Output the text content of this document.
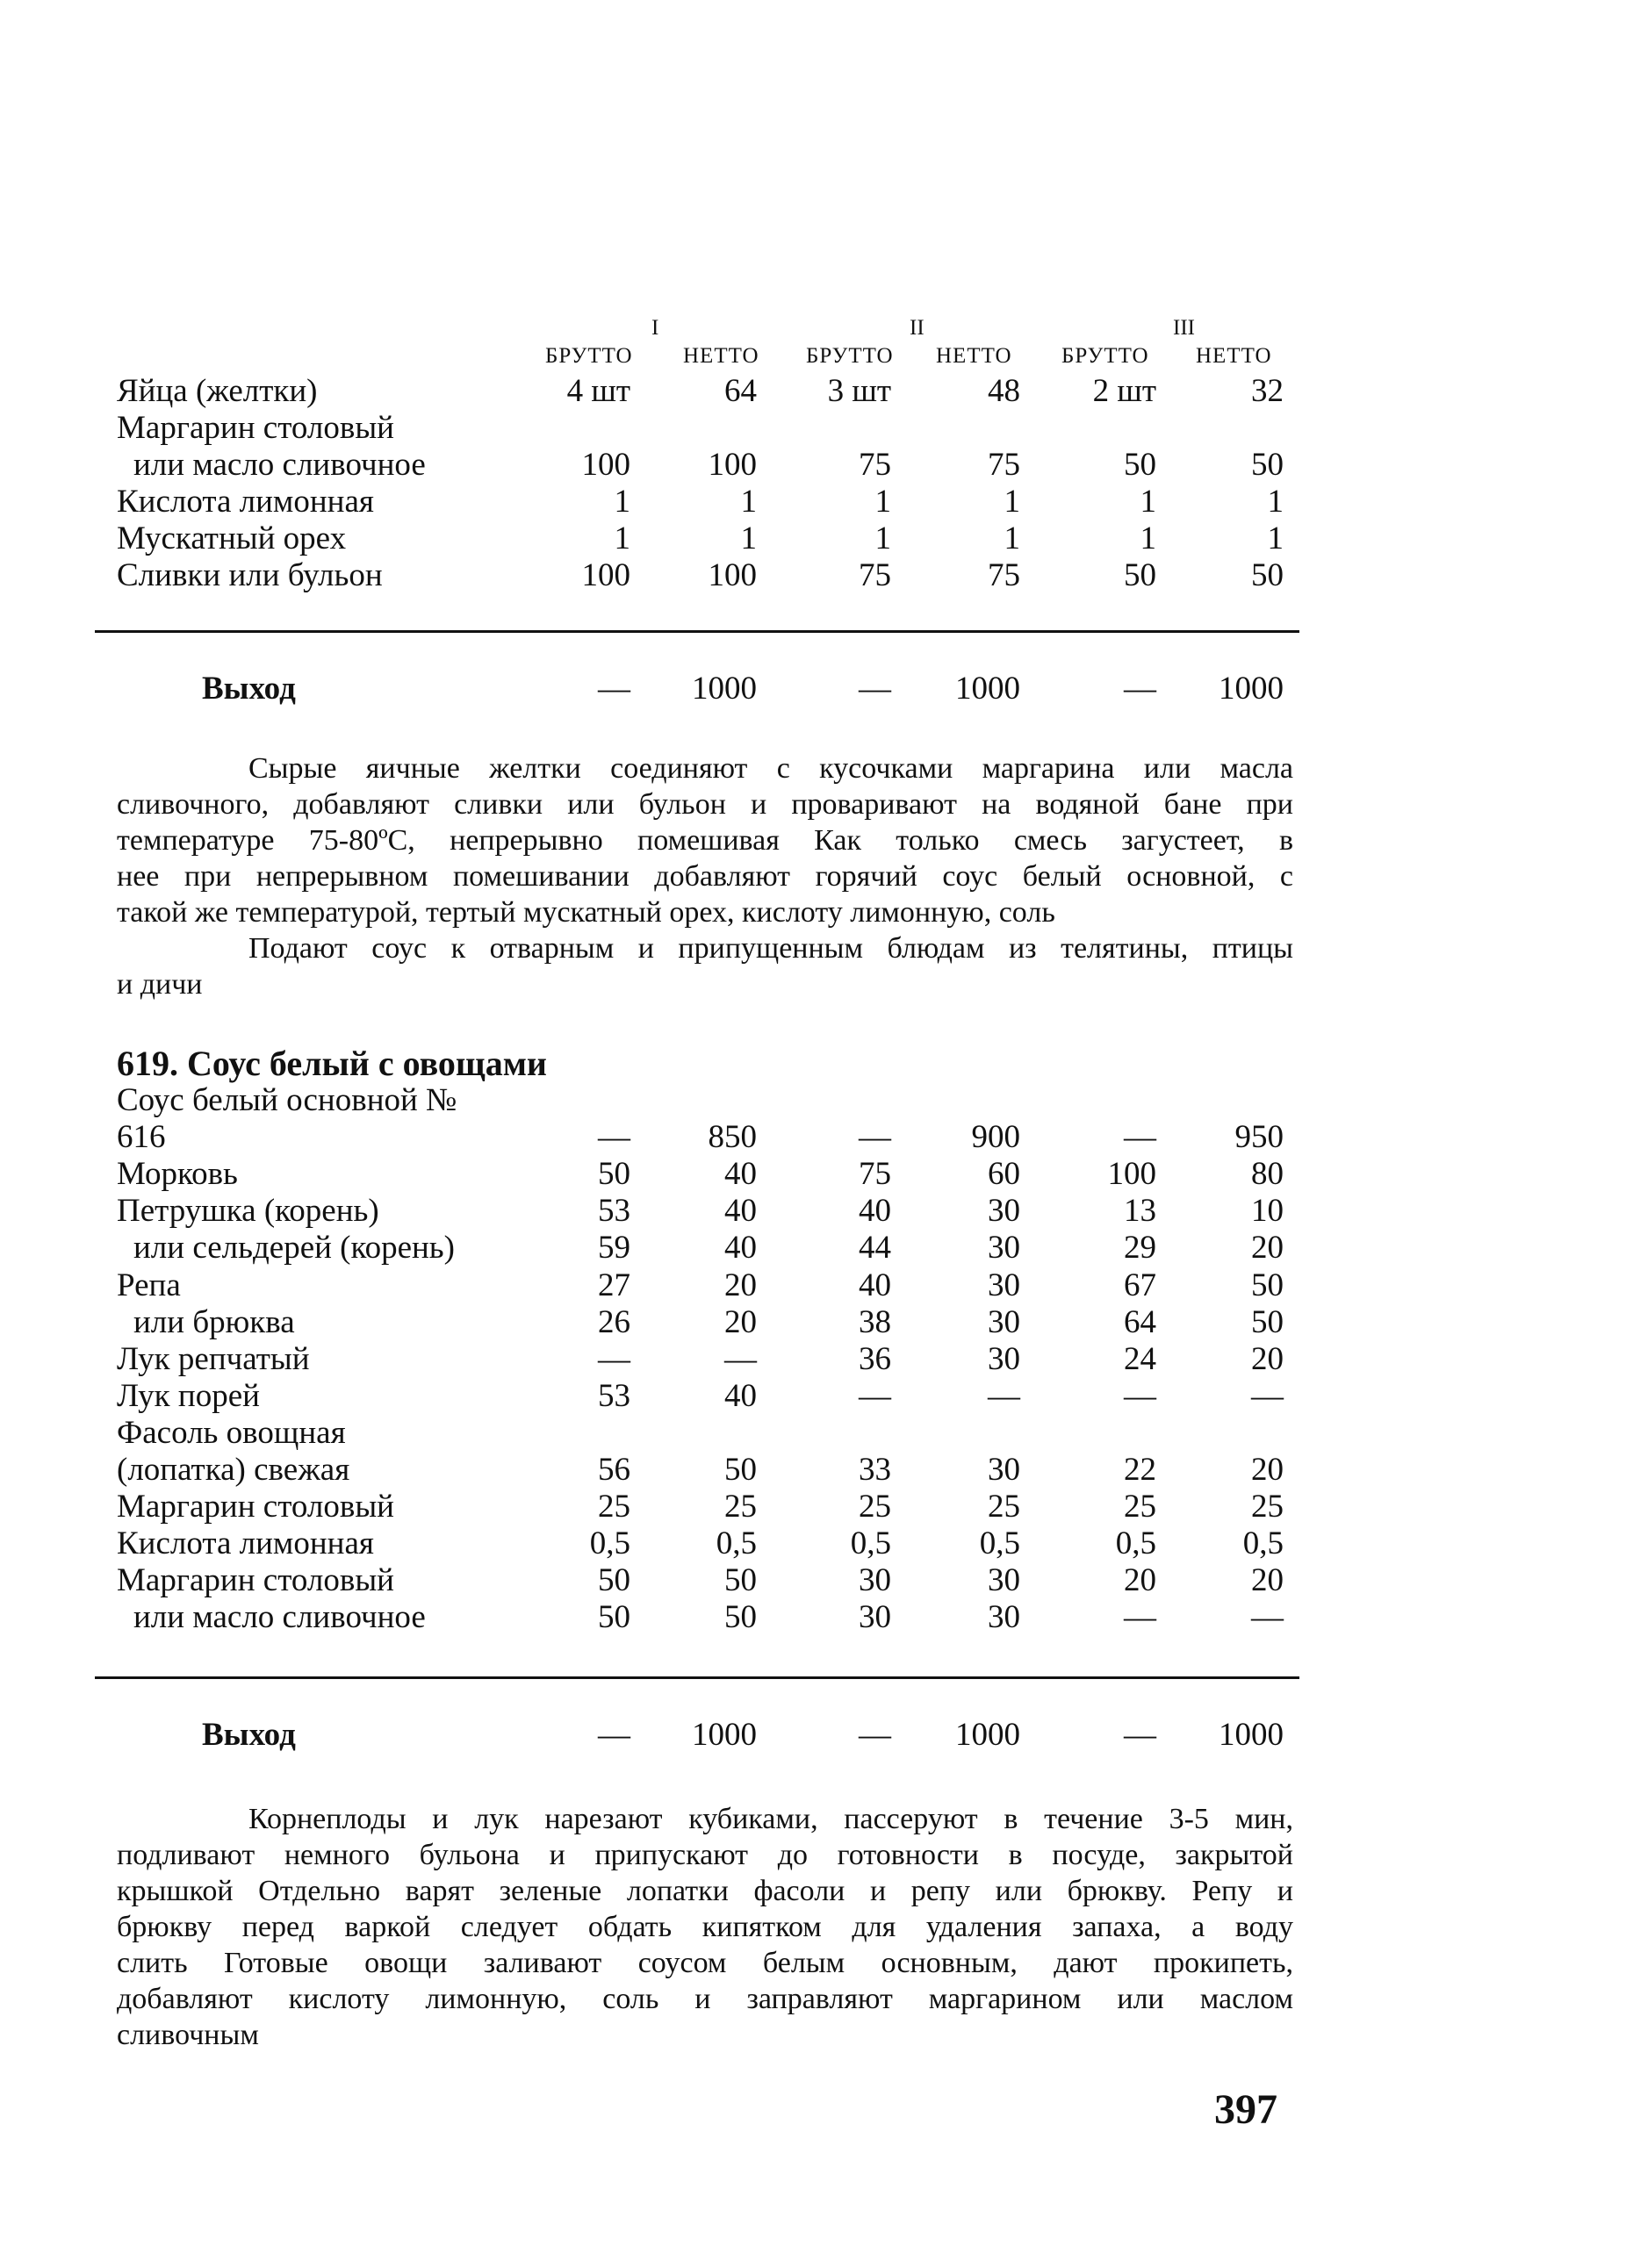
I	II	III
БРУТТО НЕТТО БРУТТО НЕТТО БРУТТО НЕТТО
Яйца (желтки)	4 шт	64	3 шт	48	2 шт	32
Маргарин столовый
или масло сливочное	100	100	75	75	50	50
Кислота лимонная	1	1	1	1	1	1
Мускатный орех	1	1	1	1	1	1
Сливки или бульон	100	100	75	75	50	50
Выход	—	1000	—	1000	—	1000
Сырые яичные желтки соединяют с кусочками маргарина или масла
сливочного, добавляют сливки или бульон и проваривают на водяной бане при
температуре 75-80ºC, непрерывно помешивая Как только смесь загустеет, в
нее при непрерывном помешивании добавляют горячий соус белый основной, с
такой же температурой, тертый мускатный орех, кислоту лимонную, соль
Подают соус к отварным и припущенным блюдам из телятины, птицы
и дичи
619. Соус белый с овощами
Соус белый основной №
616	—	850	—	900	—	950
Морковь	50	40	75	60	100	80
Петрушка (корень)	53	40	40	30	13	10
или сельдерей (корень)	59	40	44	30	29	20
Репа	27	20	40	30	67	50
или брюква	26	20	38	30	64	50
Лук репчатый	—	—	36	30	24	20
Лук порей	53	40	—	—	—	—
Фасоль овощная
(лопатка) свежая	56	50	33	30	22	20
Маргарин столовый	25	25	25	25	25	25
Кислота лимонная	0,5	0,5	0,5	0,5	0,5	0,5
Маргарин столовый	50	50	30	30	20	20
или масло сливочное	50	50	30	30	—	—
Выход	—	1000	—	1000	—	1000
Корнеплоды и лук нарезают кубиками, пассеруют в течение 3-5 мин,
подливают немного бульона и припускают до готовности в посуде, закрытой
крышкой Отдельно варят зеленые лопатки фасоли и репу или брюкву. Репу и
брюкву перед варкой следует обдать кипятком для удаления запаха, а воду
слить Готовые овощи заливают соусом белым основным, дают прокипеть,
добавляют кислоту лимонную, соль и заправляют маргарином или маслом
сливочным
397
